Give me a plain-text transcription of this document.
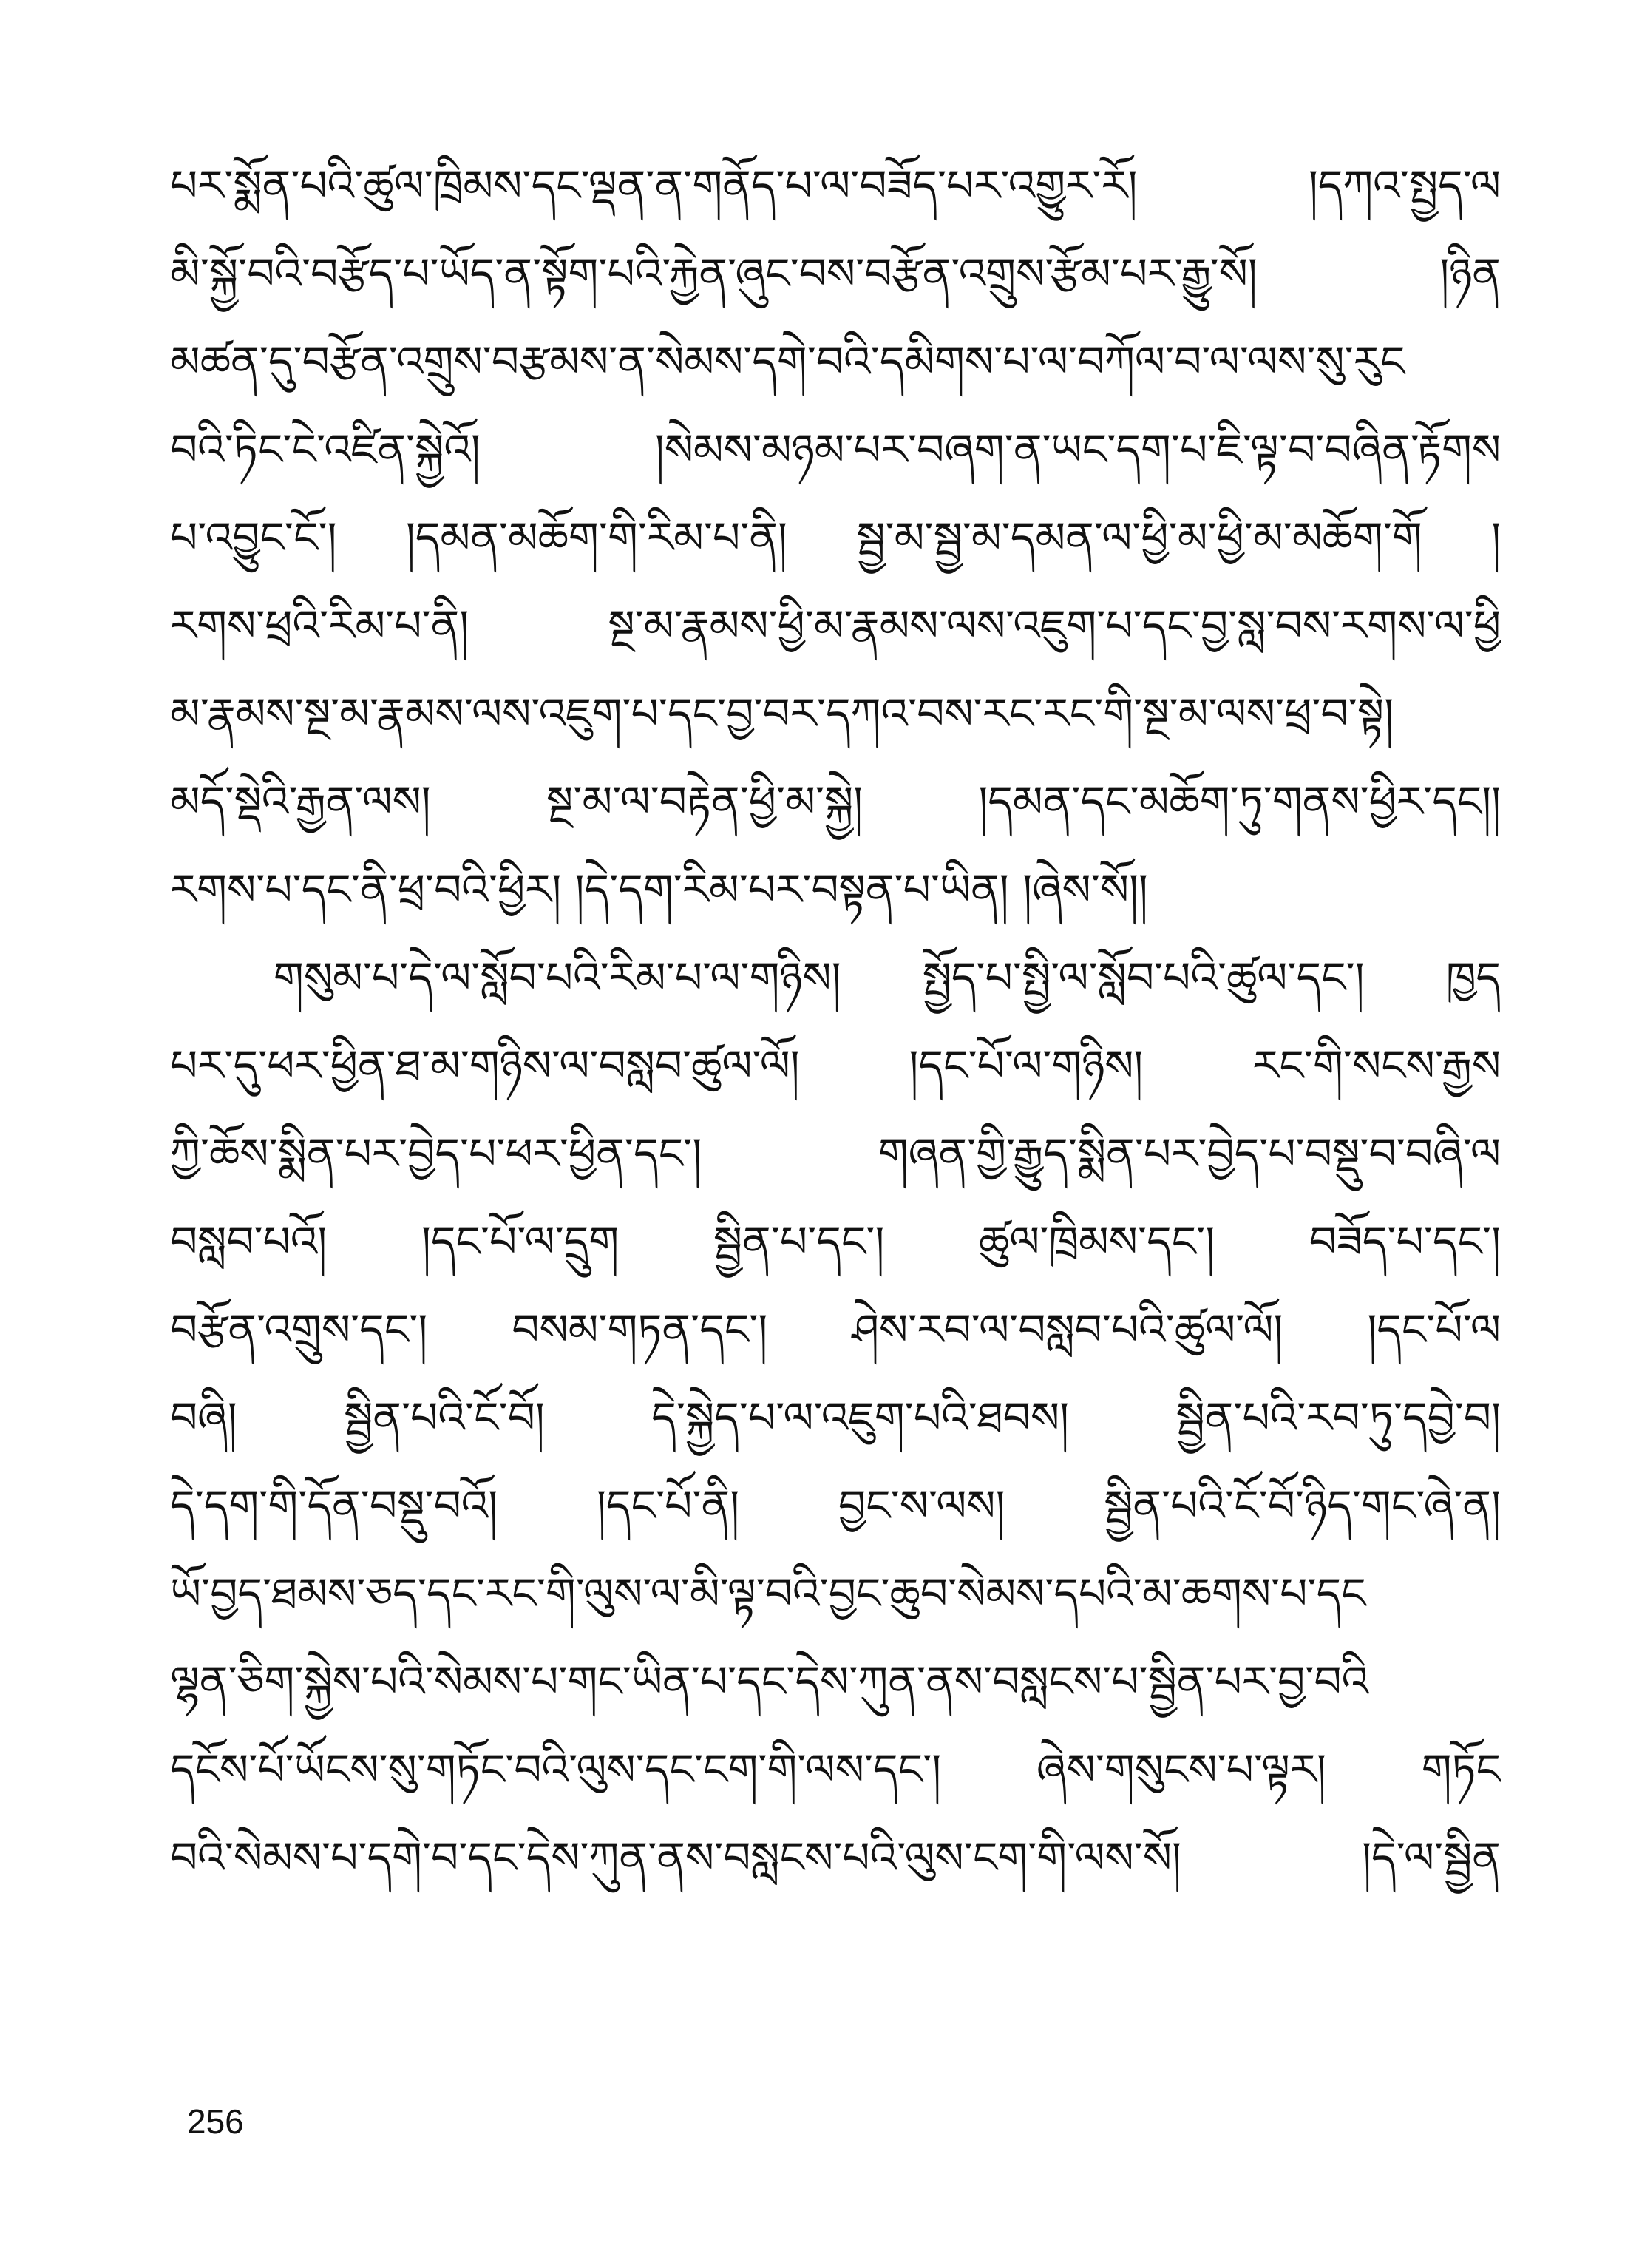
པར་སྨོན་པའི་ཚུལ་ཁྲིམས་དང་ལྡན་ན་གནོད་པ་ལ་བཟོད་པར་འགྱུར་རོ། །དཀའ་སྤྱད་ལ
མི་སྐྱོ་བའི་བརྩོད་པ་ཡོད་ན་སྟོག་པའི་རྐྱེན་ཞུང་བས་བརྩོན་འགྲུས་རྩོམ་པར་རྒྱུ་སོ། །ཉིན
མཚན་དུ་བརྩོན་འགྲུས་བརྩམས་ན་སེམས་དགེ་བའི་དམིགས་པ་ལ་བཀོལ་བ་ལ་ལས་སུ་རུང
བའི་ཏིང་ངེ་འཛིན་སྐྱེའོ། །སེམས་མཉམ་པར་བཞག་ན་ཡང་དག་པ་ཇི་ལྟ་བ་བཞིན་རྟོགས
པ་འབྱུང་ངོ་། །དམན་མཆོག་གི་རིམ་པ་ནི། སྦྱ་མ་སྦྱ་མ་དམན་ལ་ཕྱི་མ་ཕྱི་མ་མཆོག་གོ །
རགས་ཕྲའི་རིམ་པ་ནི། སྔ་མ་རྣམས་ཕྱི་མ་རྣམས་ལས་འཇུག་པ་དང་བྱ་སླ་བས་རགས་ལ་ཕྱི
མ་རྣམས་སྔ་མ་རྣམས་ལས་འཇུག་པ་དང་བྱ་བར་དཀའ་བས་རང་རང་གི་སྔ་མ་ལས་ཕྲ་བ་སྟེ།
མདོ་སྡེའི་རྒྱན་ལས། སྔ་མ་ལ་བརྟེན་ཕྱི་མ་སྐྱེ། །དམན་དང་མཆོག་ཏུ་གནས་ཕྱིར་དང།།
རགས་པ་དང་ནི་ཕྲ་བའི་ཕྱིར། །དེ་དག་རིམ་པར་བསྟན་པ་ཡིན། །ཞེས་སོ།།
གསུམ་པ་དེ་ལ་སློབ་པའི་རིམ་པ་ལ་གཉིས། སྤྱོད་པ་སྤྱི་ལ་སློབ་པའི་ཚུལ་དང་། ཁྱད
པར་དུ་ཕར་ཕྱིན་ཐ་མ་གཉིས་ལ་བསླབ་ཚུལ་ལོ། །དང་པོ་ལ་གཉིས། རང་གི་སངས་རྒྱས
ཀྱི་ཆོས་སྨིན་པར་བྱེད་པ་ཕར་ཕྱིན་དང་། གཞན་གྱི་རྒྱུད་སྨིན་པར་བྱེད་པ་བསྡུ་བ་བཞི་ལ
བསླབ་པའོ། །དང་པོ་ལ་དྲུག སྦྱིན་པ་དང་། ཚུལ་ཁྲིམས་དང་། བཟོད་པ་དང་།
བརྩོན་འགྲུས་དང་། བསམ་གཏན་དང་། ཤེས་རབ་ལ་བསླབ་པའི་ཚུལ་ལོ། །དང་པོ་ལ
བཞི། སྦྱིན་པའི་ངོ་བོ། དེ་སྐྱེད་པ་ལ་འཇུག་པའི་ཐབས། སྦྱིན་པའི་རབ་ཏུ་དབྱེ་བ།
དེ་དག་གི་དོན་བསྡུ་བའོ། །དང་པོ་ནི། བྱང་ས་ལས། སྦྱིན་པའི་ངོ་བོ་ཉིད་གང་ཞེ་ན།
ཡོ་བྱད་ཐམས་ཅད་དང་རང་གི་ལུས་ལ་མི་ལྟ་བའི་བྱང་ཆུབ་སེམས་དཔའི་མ་ཆགས་པ་དང
ལྷན་ཅིག་སྐྱེས་པའི་སེམས་པ་གང་ཡིན་པ་དང་དེས་ཀུན་ནས་བསླངས་པ་སྦྱིན་པར་བྱ་བའི
དངོས་པོ་ཡོངས་སུ་གཏོང་བའི་ལུས་དང་ངག་གི་ལས་དང་། ཞེས་གསུངས་པ་ལྟར། གཏོང
བའི་སེམས་པ་དགེ་བ་དང་དེས་ཀུན་ནས་བསླངས་པའི་ལུས་ངག་གི་ལས་སོ། །དེ་ལ་སྦྱིན
256
